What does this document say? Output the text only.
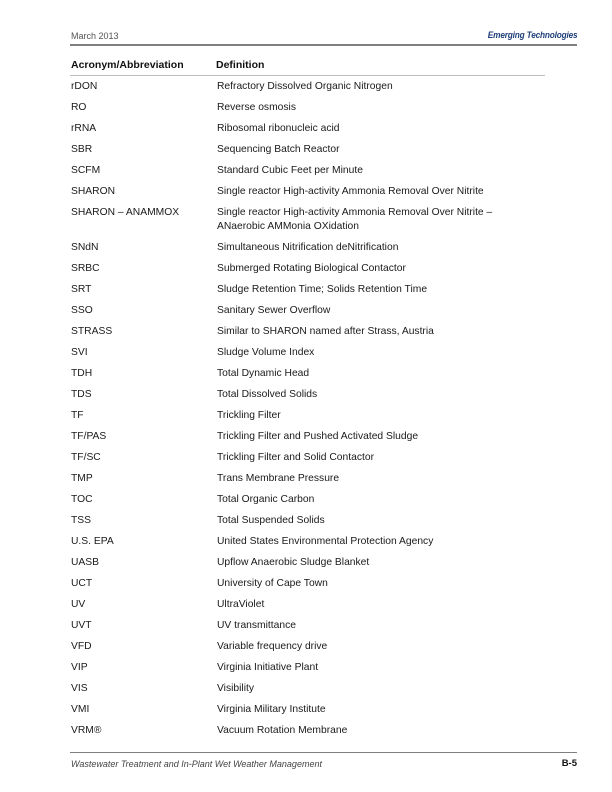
March 2013	Emerging Technologies
Acronym/Abbreviation	Definition
rDON	Refractory Dissolved Organic Nitrogen
RO	Reverse osmosis
rRNA	Ribosomal ribonucleic acid
SBR	Sequencing Batch Reactor
SCFM	Standard Cubic Feet per Minute
SHARON	Single reactor High-activity Ammonia Removal Over Nitrite
SHARON – ANAMMOX	Single reactor High-activity Ammonia Removal Over Nitrite – ANaerobic AMMonia OXidation
SNdN	Simultaneous Nitrification deNitrification
SRBC	Submerged Rotating Biological Contactor
SRT	Sludge Retention Time; Solids Retention Time
SSO	Sanitary Sewer Overflow
STRASS	Similar to SHARON named after Strass, Austria
SVI	Sludge Volume Index
TDH	Total Dynamic Head
TDS	Total Dissolved Solids
TF	Trickling Filter
TF/PAS	Trickling Filter and Pushed Activated Sludge
TF/SC	Trickling Filter and Solid Contactor
TMP	Trans Membrane Pressure
TOC	Total Organic Carbon
TSS	Total Suspended Solids
U.S. EPA	United States Environmental Protection Agency
UASB	Upflow Anaerobic Sludge Blanket
UCT	University of Cape Town
UV	UltraViolet
UVT	UV transmittance
VFD	Variable frequency drive
VIP	Virginia Initiative Plant
VIS	Visibility
VMI	Virginia Military Institute
VRM®	Vacuum Rotation Membrane
Wastewater Treatment and In-Plant Wet Weather Management	B-5
